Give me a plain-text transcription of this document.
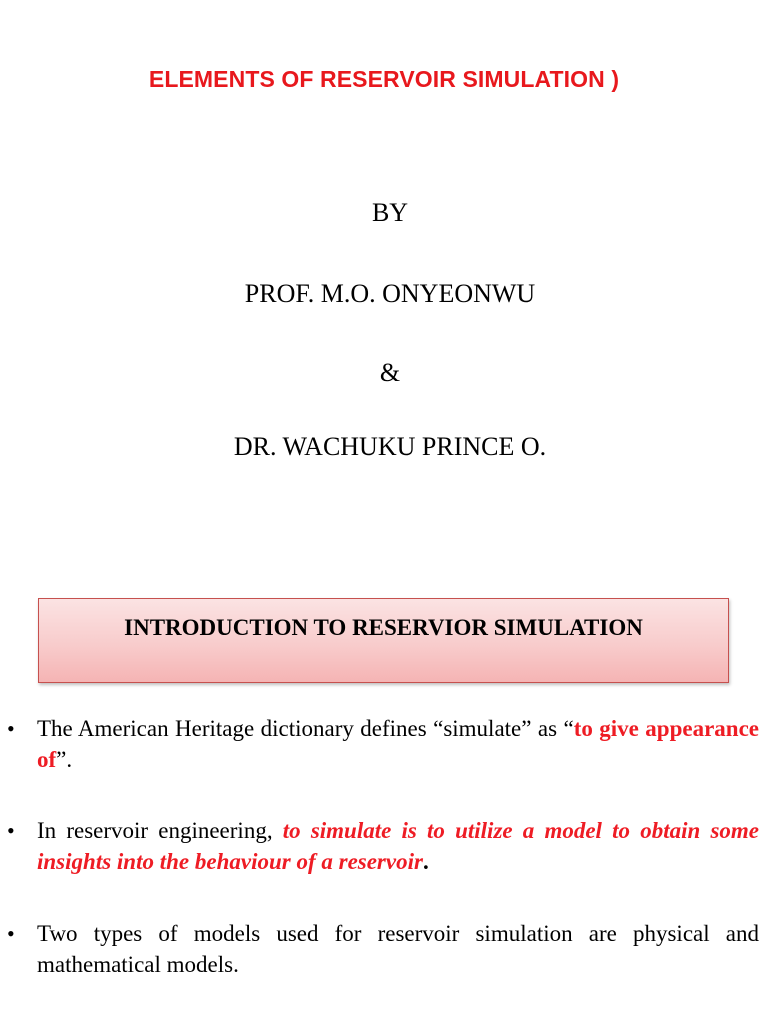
ELEMENTS OF RESERVOIR SIMULATION )
BY
PROF. M.O. ONYEONWU
&
DR. WACHUKU PRINCE O.
INTRODUCTION TO RESERVIOR SIMULATION
• The American Heritage dictionary defines “simulate” as “to give appearance of”.
• In reservoir engineering, to simulate is to utilize a model to obtain some insights into the behaviour of a reservoir.
• Two types of models used for reservoir simulation are physical and mathematical models.
